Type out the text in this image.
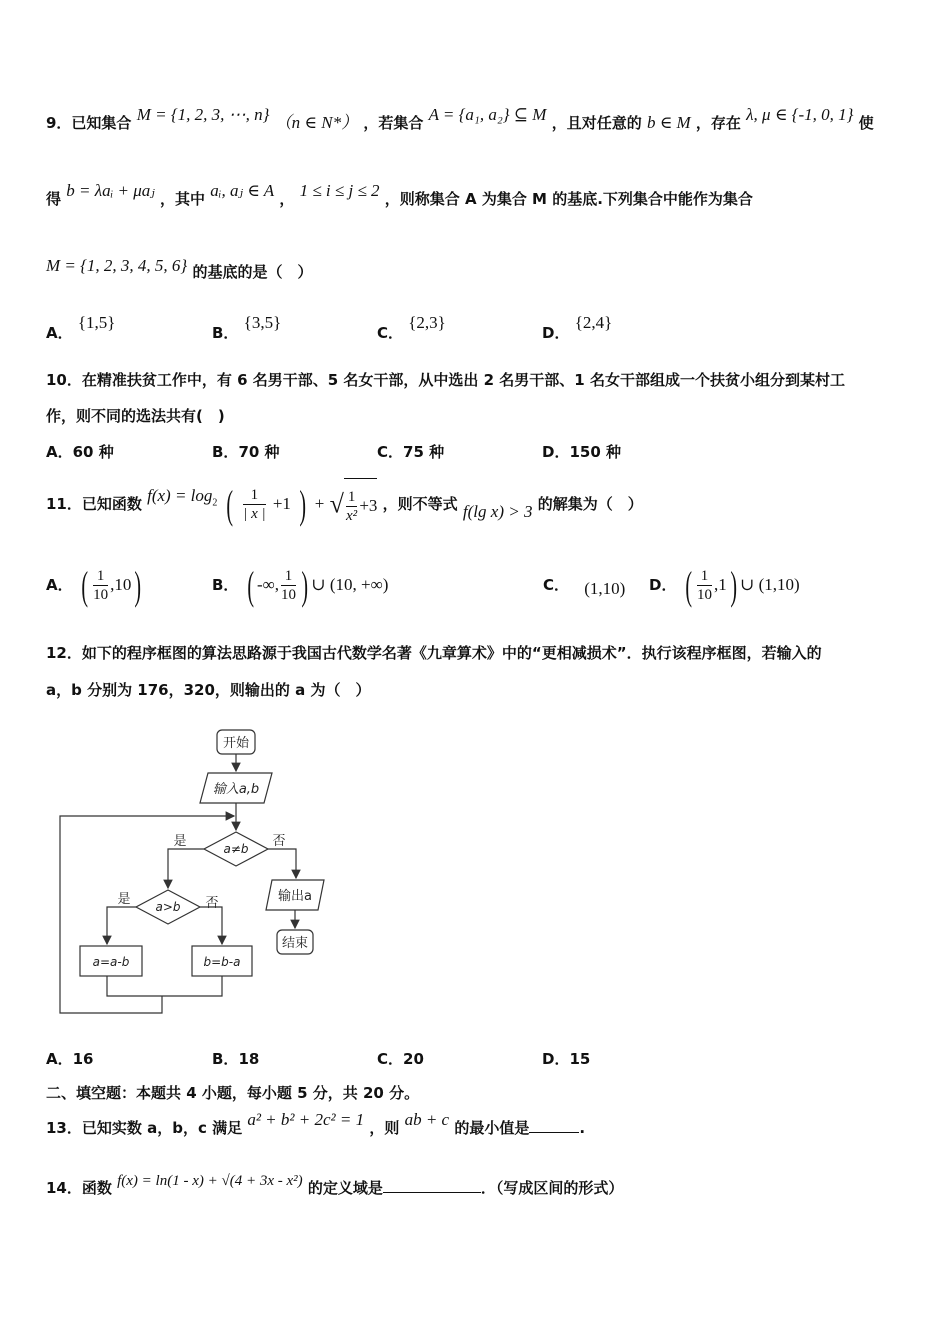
9．已知集合 M = {1, 2, 3, ⋯, n} （n ∈ N*） ，若集合 A = {a₁, a₂} ⊆ M ，且对任意的 b ∈ M ，存在 λ, μ ∈ {-1, 0, 1} 使
得 b = λaᵢ + μaⱼ ，其中 aᵢ, aⱼ ∈ A ， 1 ≤ i ≤ j ≤ 2 ，则称集合 A 为集合 M 的基底.下列集合中能作为集合
M = {1, 2, 3, 4, 5, 6} 的基底的是（　）
A． {1,5}
B． {3,5}
C． {2,3}
D． {2,4}
10．在精准扶贫工作中，有 6 名男干部、5 名女干部，从中选出 2 名男干部、1 名女干部组成一个扶贫小组分到某村工
作，则不同的选法共有(　)
A．60 种	B．70 种	C．75 种	D．150 种
11．已知函数 $f(x) = \log_2$ ( $\frac{1}{| x |} +1$ ) + √ $\frac{1}{\text{x²}} +3$ ，则不等式 f(lg x) > 3 的解集为（　）
A． ( $\frac{1}{10} ,10$)	B． ( -∞, $\frac{1}{10}$ ) ∪ (10, +∞)	C． (1,10) D． ( $\frac{1}{10} ,1$) ∪ (1,10)
12．如下的程序框图的算法思路源于我国古代数学名著《九章算术》中的“更相减损术”．执行该程序框图，若输入的
a，b 分别为 176，320，则输出的 a 为（　）
开始
输入a,b
a≠b
是	否
输出a
结束
a>b
是	否
a=a-b	b=b-a
A．16	B．18	C．20	D．15
二、填空题：本题共 4 小题，每小题 5 分，共 20 分。
13．已知实数 a，b，c 满足 a² + b² + 2c² = 1 ，则 ab + c 的最小值是	.
14．函数 f(x) = ln(1 - x) + √(4 + 3x - x²) 的定义域是	．（写成区间的形式）
